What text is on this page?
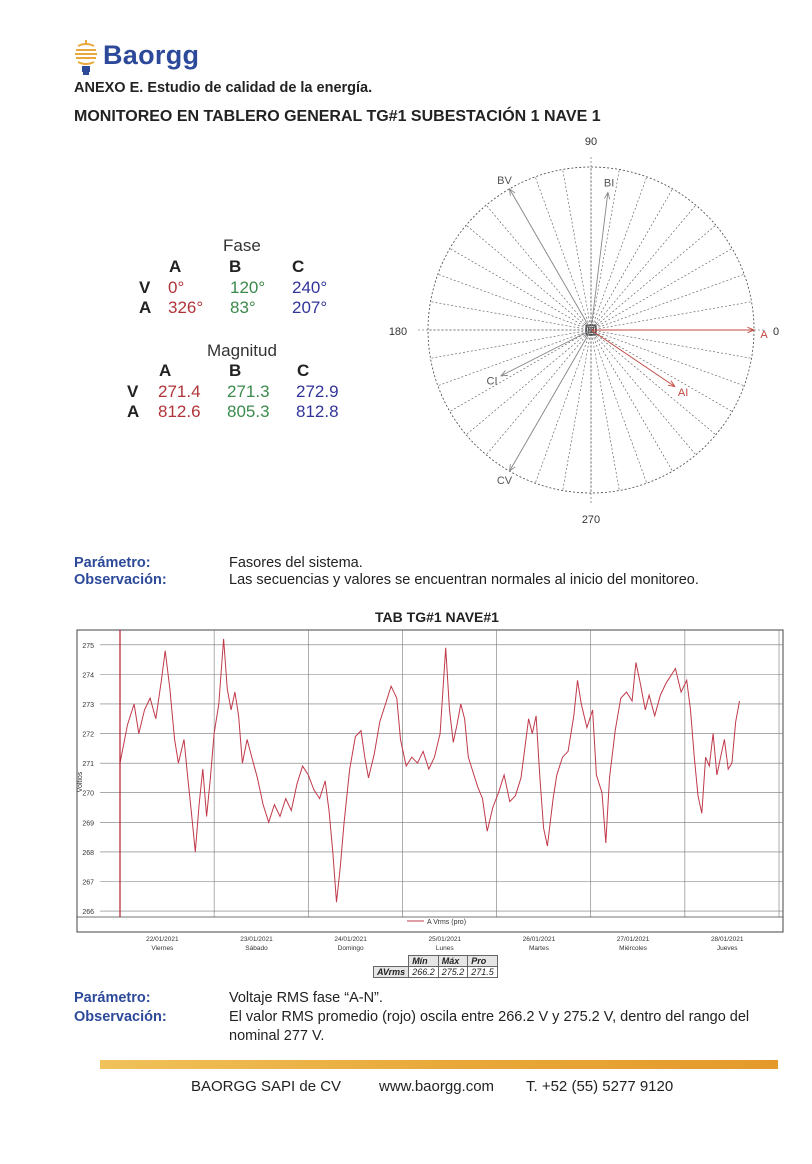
Baorgg
ANEXO E. Estudio de calidad de la energía.
MONITOREO EN TABLERO GENERAL TG#1 SUBESTACIÓN 1 NAVE 1
Fase
A	B	C
V 0°	120° 240°
A 326° 83° 207°
Magnitud
A	B	C
V 271.4 271.3 272.9
A 812.6 805.3 812.8
90
180
270
0
A
BV
CV
BI
AI
CI
Parámetro:	Fasores del sistema.
Observación:	Las secuencias y valores se encuentran normales al inicio del monitoreo.
TAB TG#1 NAVE#1
266
267
268
269
270
271
272
273
274
275
22/01/2021
Viernes
23/01/2021
Sábado
24/01/2021
Domingo
25/01/2021
Lunes
26/01/2021
Martes
27/01/2021
Miércoles
28/01/2021
Jueves
Voltios
A Vrms (pro)
	Mín	Máx	Pro
AVrms	266.2	275.2	271.5
Parámetro:	Voltaje RMS fase “A-N”.
Observación:	El valor RMS promedio (rojo) oscila entre 266.2 V y 275.2 V, dentro del rango del
nominal 277 V.
BAORGG SAPI de CV	www.baorgg.com T. +52 (55) 5277 9120
